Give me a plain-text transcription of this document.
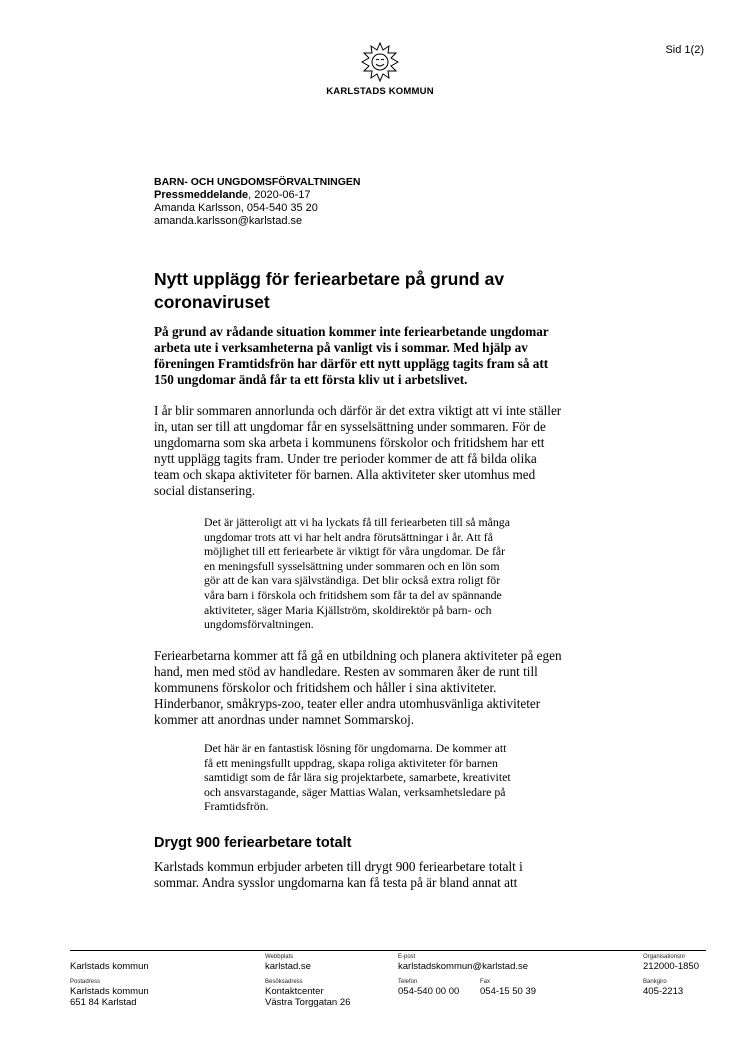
Sid 1(2)
KARLSTADS KOMMUN
BARN- OCH UNGDOMSFÖRVALTNINGEN
Pressmeddelande, 2020-06-17
Amanda Karlsson, 054-540 35 20
amanda.karlsson@karlstad.se
Nytt upplägg för feriearbetare på grund av
coronaviruset
På grund av rådande situation kommer inte feriearbetande ungdomar
arbeta ute i verksamheterna på vanligt vis i sommar. Med hjälp av
föreningen Framtidsfrön har därför ett nytt upplägg tagits fram så att
150 ungdomar ändå får ta ett första kliv ut i arbetslivet.
I år blir sommaren annorlunda och därför är det extra viktigt att vi inte ställer
in, utan ser till att ungdomar får en sysselsättning under sommaren. För de
ungdomarna som ska arbeta i kommunens förskolor och fritidshem har ett
nytt upplägg tagits fram. Under tre perioder kommer de att få bilda olika
team och skapa aktiviteter för barnen. Alla aktiviteter sker utomhus med
social distansering.
Det är jätteroligt att vi ha lyckats få till feriearbeten till så många
ungdomar trots att vi har helt andra förutsättningar i år. Att få
möjlighet till ett feriearbete är viktigt för våra ungdomar. De får
en meningsfull sysselsättning under sommaren och en lön som
gör att de kan vara självständiga. Det blir också extra roligt för
våra barn i förskola och fritidshem som får ta del av spännande
aktiviteter, säger Maria Kjällström, skoldirektör på barn- och
ungdomsförvaltningen.
Feriearbetarna kommer att få gå en utbildning och planera aktiviteter på egen
hand, men med stöd av handledare. Resten av sommaren åker de runt till
kommunens förskolor och fritidshem och håller i sina aktiviteter.
Hinderbanor, småkryps-zoo, teater eller andra utomhusvänliga aktiviteter
kommer att anordnas under namnet Sommarskoj.
Det här är en fantastisk lösning för ungdomarna. De kommer att
få ett meningsfullt uppdrag, skapa roliga aktiviteter för barnen
samtidigt som de får lära sig projektarbete, samarbete, kreativitet
och ansvarstagande, säger Mattias Walan, verksamhetsledare på
Framtidsfrön.
Drygt 900 feriearbetare totalt
Karlstads kommun erbjuder arbeten till drygt 900 feriearbetare totalt i
sommar. Andra sysslor ungdomarna kan få testa på är bland annat att
Karlstads kommun
Postadress
Karlstads kommun
651 84 Karlstad
Webbplats
karlstad.se
Besöksadress
Kontaktcenter
Västra Torggatan 26
E-post
karlstadskommun@karlstad.se
Telefon
054-540 00 00
Fax
054-15 50 39
Organisationsnr
212000-1850
Bankgiro
405-2213
